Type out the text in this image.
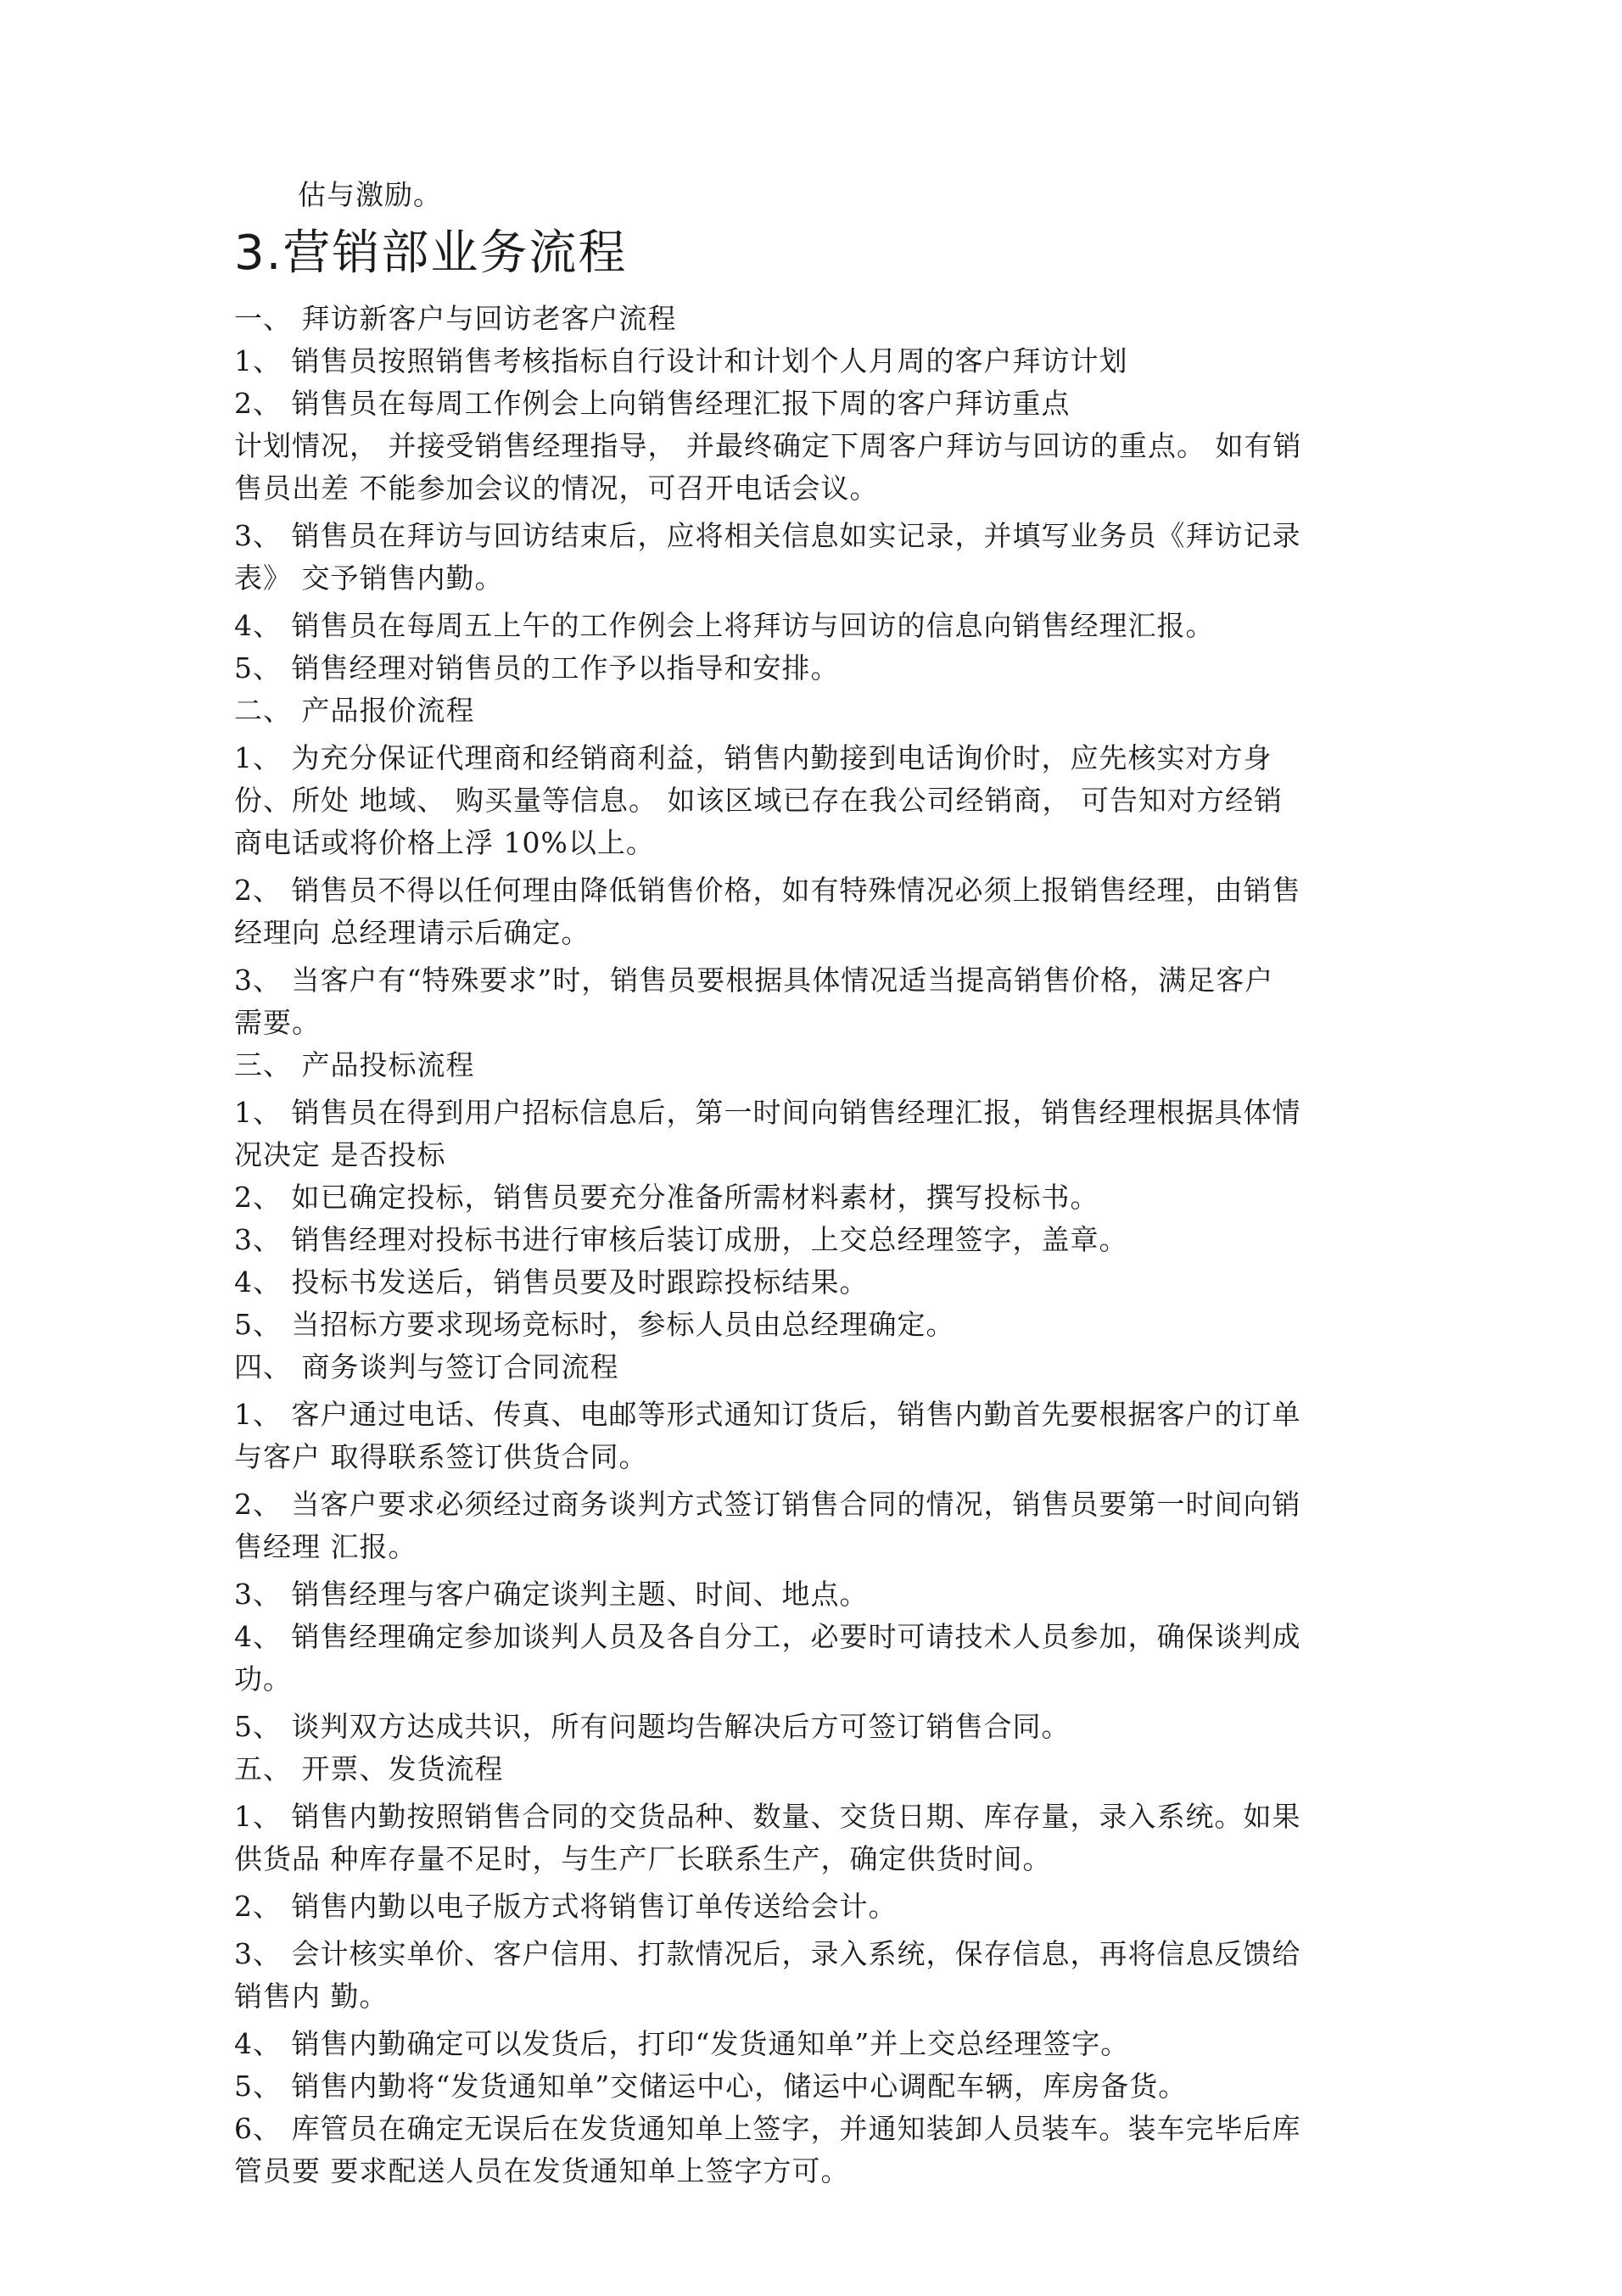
估与激励。
3.营销部业务流程
一、 拜访新客户与回访老客户流程
1、 销售员按照销售考核指标自行设计和计划个人月周的客户拜访计划
2、 销售员在每周工作例会上向销售经理汇报下周的客户拜访重点
计划情况， 并接受销售经理指导， 并最终确定下周客户拜访与回访的重点。 如有销
售员出差 不能参加会议的情况，可召开电话会议。
3、 销售员在拜访与回访结束后，应将相关信息如实记录，并填写业务员《拜访记录
表》 交予销售内勤。
4、 销售员在每周五上午的工作例会上将拜访与回访的信息向销售经理汇报。
5、 销售经理对销售员的工作予以指导和安排。
二、 产品报价流程
1、 为充分保证代理商和经销商利益，销售内勤接到电话询价时，应先核实对方身
份、所处 地域、 购买量等信息。 如该区域已存在我公司经销商， 可告知对方经销
商电话或将价格上浮 10%以上。
2、 销售员不得以任何理由降低销售价格，如有特殊情况必须上报销售经理，由销售
经理向 总经理请示后确定。
3、 当客户有“特殊要求”时，销售员要根据具体情况适当提高销售价格，满足客户
需要。
三、 产品投标流程
1、 销售员在得到用户招标信息后，第一时间向销售经理汇报，销售经理根据具体情
况决定 是否投标
2、 如已确定投标，销售员要充分准备所需材料素材，撰写投标书。
3、 销售经理对投标书进行审核后装订成册，上交总经理签字，盖章。
4、 投标书发送后，销售员要及时跟踪投标结果。
5、 当招标方要求现场竞标时，参标人员由总经理确定。
四、 商务谈判与签订合同流程
1、 客户通过电话、传真、电邮等形式通知订货后，销售内勤首先要根据客户的订单
与客户 取得联系签订供货合同。
2、 当客户要求必须经过商务谈判方式签订销售合同的情况，销售员要第一时间向销
售经理 汇报。
3、 销售经理与客户确定谈判主题、时间、地点。
4、 销售经理确定参加谈判人员及各自分工，必要时可请技术人员参加，确保谈判成
功。
5、 谈判双方达成共识，所有问题均告解决后方可签订销售合同。
五、 开票、发货流程
1、 销售内勤按照销售合同的交货品种、数量、交货日期、库存量，录入系统。如果
供货品 种库存量不足时，与生产厂长联系生产，确定供货时间。
2、 销售内勤以电子版方式将销售订单传送给会计。
3、 会计核实单价、客户信用、打款情况后，录入系统，保存信息，再将信息反馈给
销售内 勤。
4、 销售内勤确定可以发货后，打印“发货通知单”并上交总经理签字。
5、 销售内勤将“发货通知单”交储运中心，储运中心调配车辆，库房备货。
6、 库管员在确定无误后在发货通知单上签字，并通知装卸人员装车。装车完毕后库
管员要 要求配送人员在发货通知单上签字方可。
